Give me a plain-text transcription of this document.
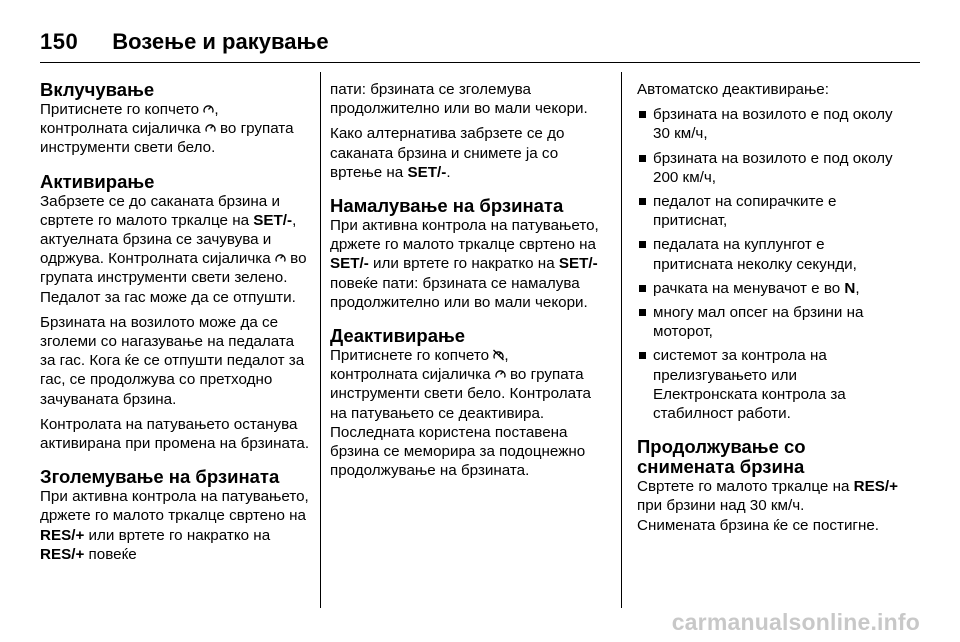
150 Возење и ракување
Вклучување

Притиснете го копчето , контролната сијаличка  во групата инструменти свети бело.

Активирање

Забрзете се до саканата брзина и свртете го малото тркалце на SET/-, актуелната брзина се зачувува и одржува. Контролната сијаличка  во групата инструменти свети зелено. Педалот за гас може да се отпушти.

Брзината на возилото може да се зголеми со нагазување на педалата за гас. Кога ќе се отпушти педалот за гас, се продолжува со претходно зачуваната брзина.

Контролата на патувањето останува активирана при промена на брзината.

Зголемување на брзината

При активна контрола на патувањето, држете го малото тркалце свртено на RES/+ или вртете го накратко на RES/+ повеќе

пати: брзината се зголемува продолжително или во мали чекори.

Како алтернатива забрзете се до саканата брзина и снимете ја со вртење на SET/-.

Намалување на брзината

При активна контрола на патувањето, држете го малото тркалце свртено на SET/- или вртете го накратко на SET/- повеќе пати: брзината се намалува продолжително или во мали чекори.

Деактивирање

Притиснете го копчето , контролната сијаличка  во групата инструменти свети бело. Контролата на патувањето се деактивира. Последната користена поставена брзина се меморира за подоцнежно продолжување на брзината.

Автоматско деактивирање:

брзината на возилото е под околу 30 км/ч,
брзината на возилото е под околу 200 км/ч,
педалот на сопирачките е притиснат,
педалата на куплунгот е притисната неколку секунди,
рачката на менувачот е во N,
многу мал опсег на брзини на моторот,
системот за контрола на прелизгувањето или Електронската контрола за стабилност работи.
Продолжување со снимената брзина

Свртете го малото тркалце на RES/+ при брзини над 30 км/ч.

Снимената брзина ќе се постигне.

carmanualsonline.info
